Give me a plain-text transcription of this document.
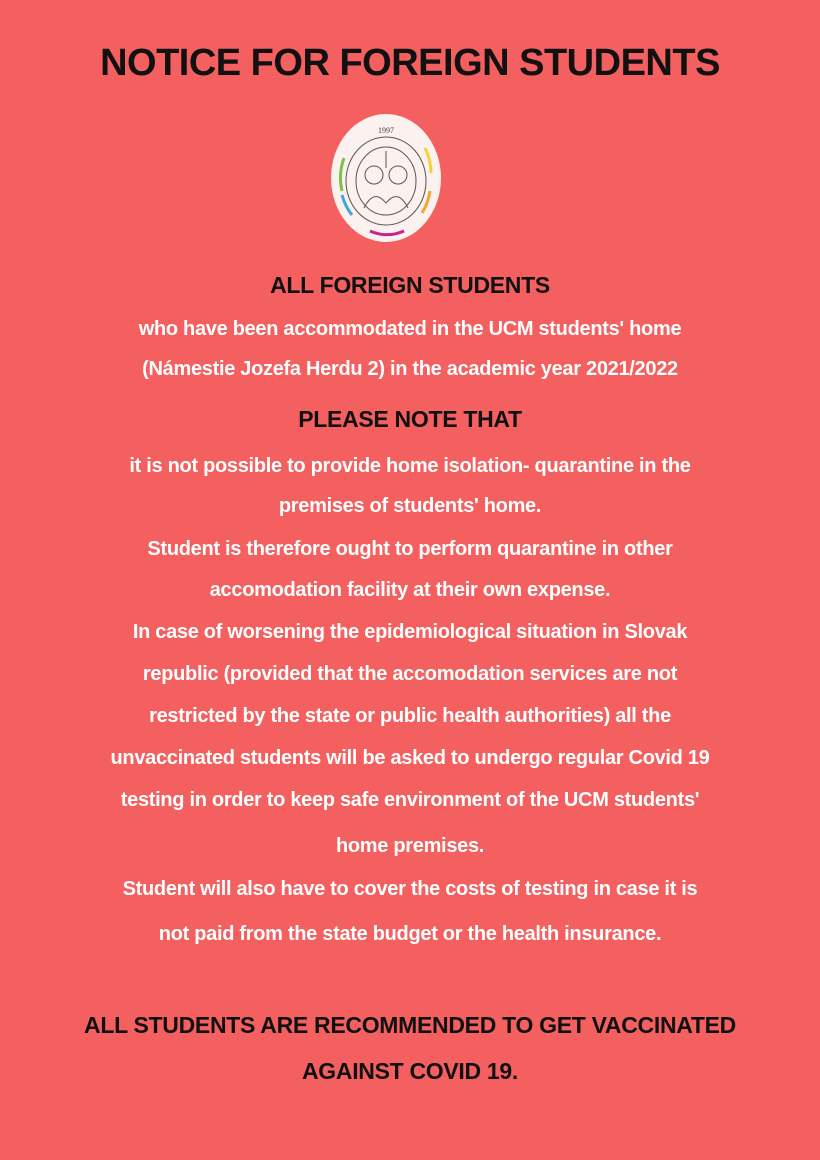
NOTICE FOR FOREIGN STUDENTS
1997
ALL FOREIGN STUDENTS
who have been accommodated in the UCM students' home
(Námestie Jozefa Herdu 2) in the academic year 2021/2022
PLEASE NOTE THAT
it is not possible to provide home isolation- quarantine in the
premises of students' home.
Student is therefore ought to perform quarantine in other
accomodation facility at their own expense.
In case of worsening the epidemiological situation in Slovak
republic (provided that the accomodation services are not
restricted by the state or public health authorities) all the
unvaccinated students will be asked to undergo regular Covid 19
testing in order to keep safe environment of the UCM students'
home premises.
Student will also have to cover the costs of testing in case it is
not paid from the state budget or the health insurance.
ALL STUDENTS ARE RECOMMENDED TO GET VACCINATED
AGAINST COVID 19.
